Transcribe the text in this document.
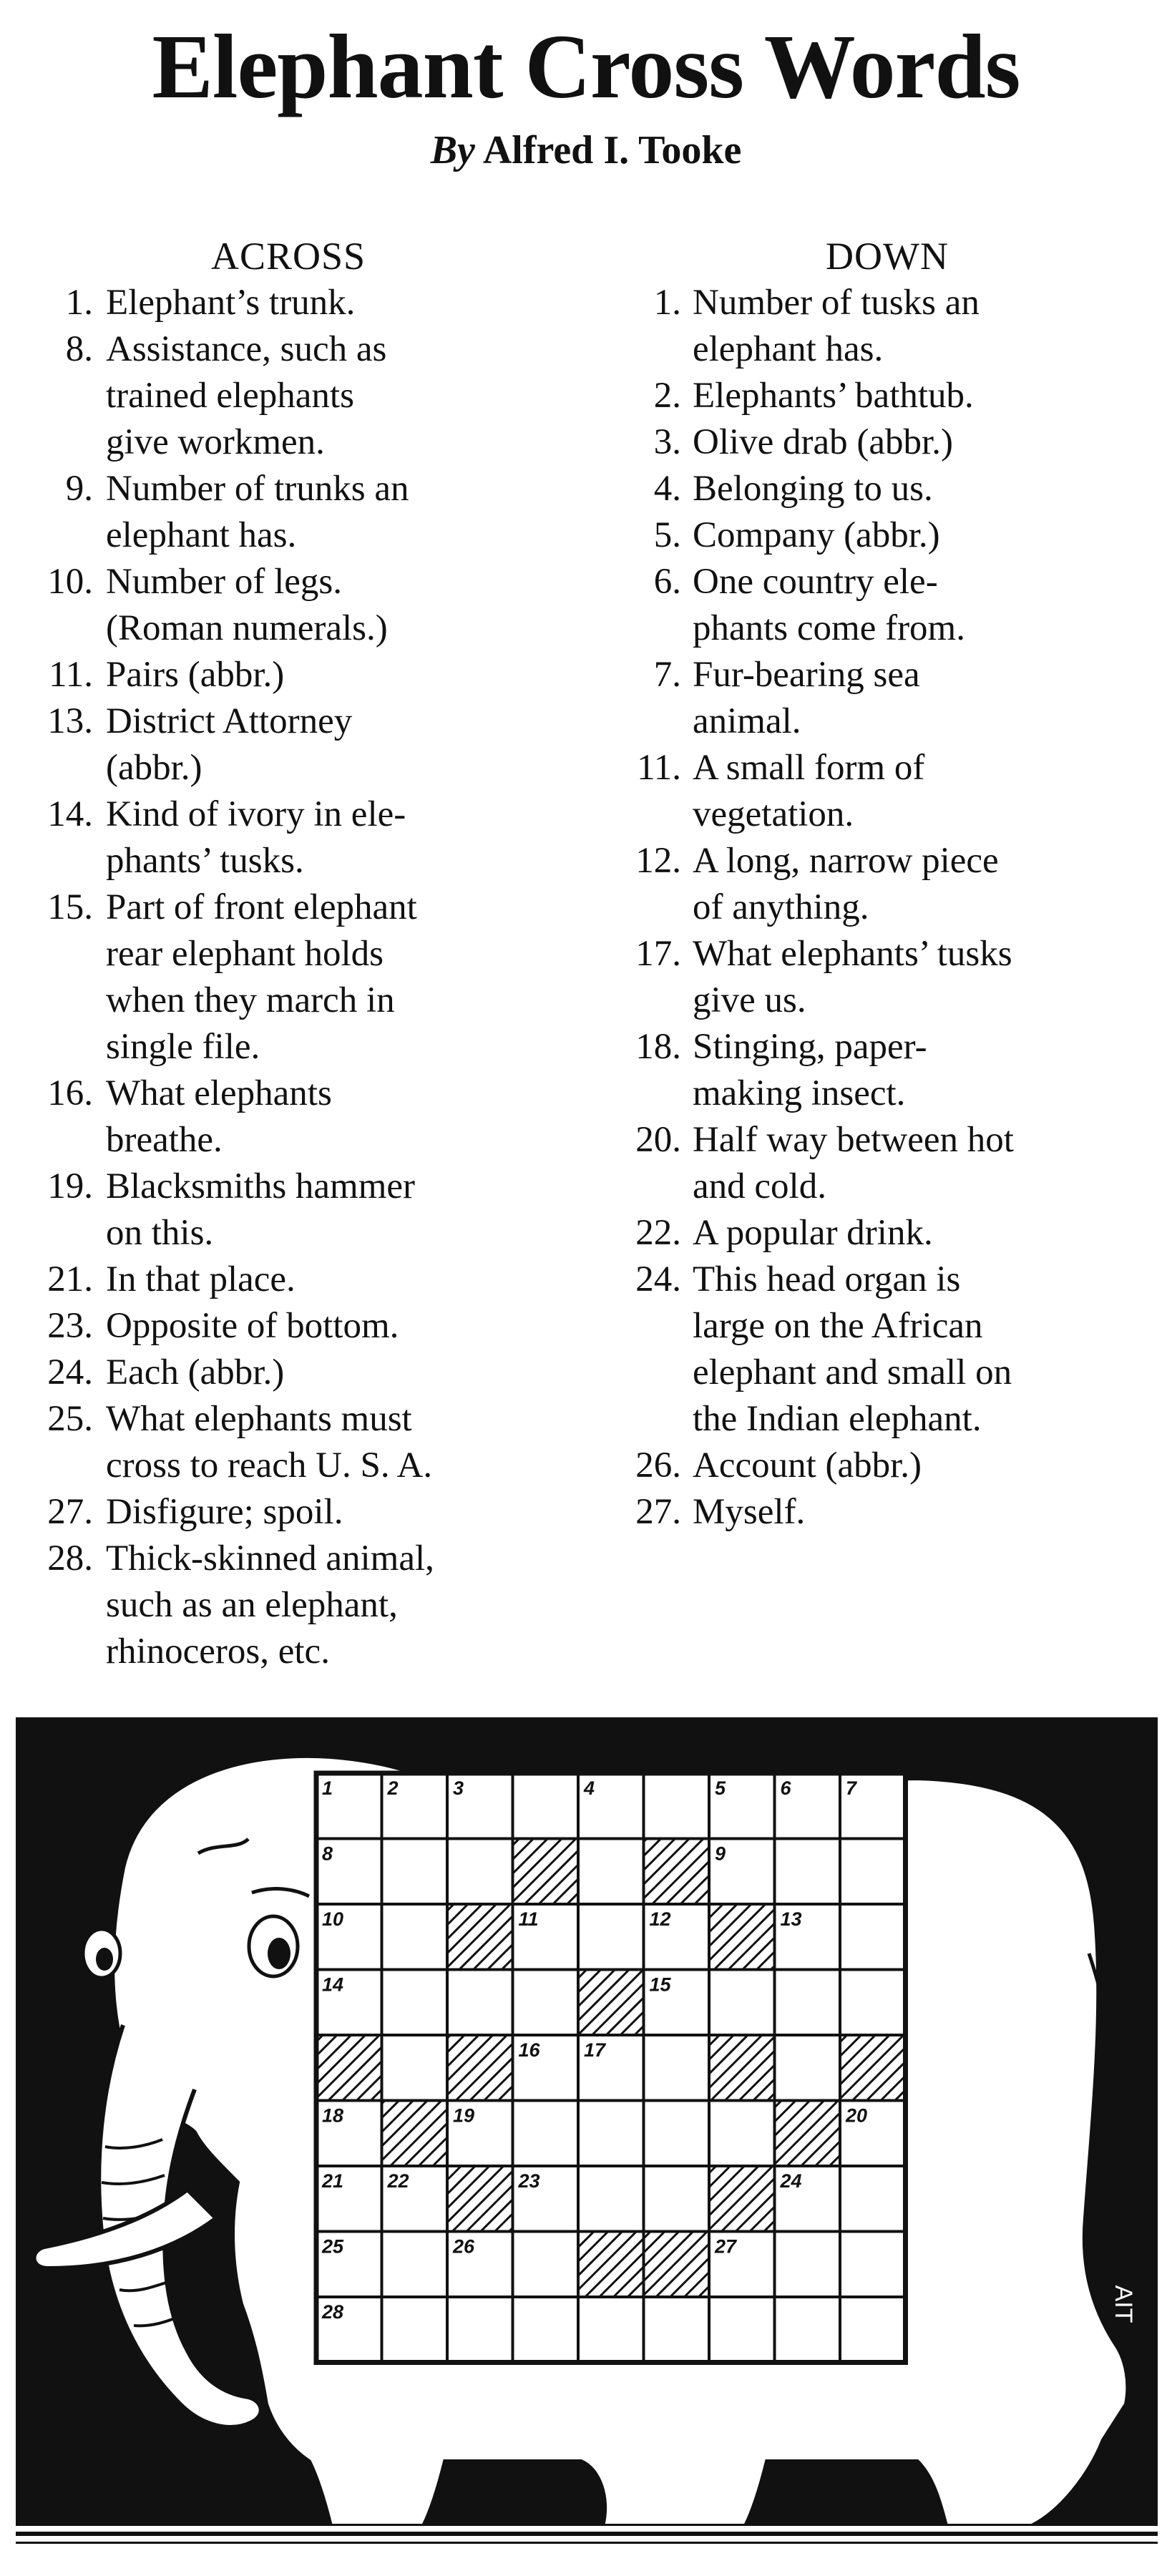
Elephant Cross Words
By Alfred I. Tooke
ACROSS
1. Elephant’s trunk.
8. Assistance, such as
trained elephants
give workmen.
9. Number of trunks an
elephant has.
10. Number of legs.
(Roman numerals.)
11. Pairs (abbr.)
13. District Attorney
(abbr.)
14. Kind of ivory in ele-
phants’ tusks.
15. Part of front elephant
rear elephant holds
when they march in
single file.
16. What elephants
breathe.
19. Blacksmiths hammer
on this.
21. In that place.
23. Opposite of bottom.
24. Each (abbr.)
25. What elephants must
cross to reach U. S. A.
27. Disfigure; spoil.
28. Thick-skinned animal,
such as an elephant,
rhinoceros, etc.
DOWN
1. Number of tusks an
elephant has.
2. Elephants’ bathtub.
3. Olive drab (abbr.)
4. Belonging to us.
5. Company (abbr.)
6. One country ele-
phants come from.
7. Fur-bearing sea
animal.
11. A small form of
vegetation.
12. A long, narrow piece
of anything.
17. What elephants’ tusks
give us.
18. Stinging, paper-
making insect.
20. Half way between hot
and cold.
22. A popular drink.
24. This head organ is
large on the African
elephant and small on
the Indian elephant.
26. Account (abbr.)
27. Myself.
1	2	3	4	5	6	7
8	9
10	11	12	13
14	15
16 17
18	19	20
21 22	23	24
25	26	27
28	AIT
